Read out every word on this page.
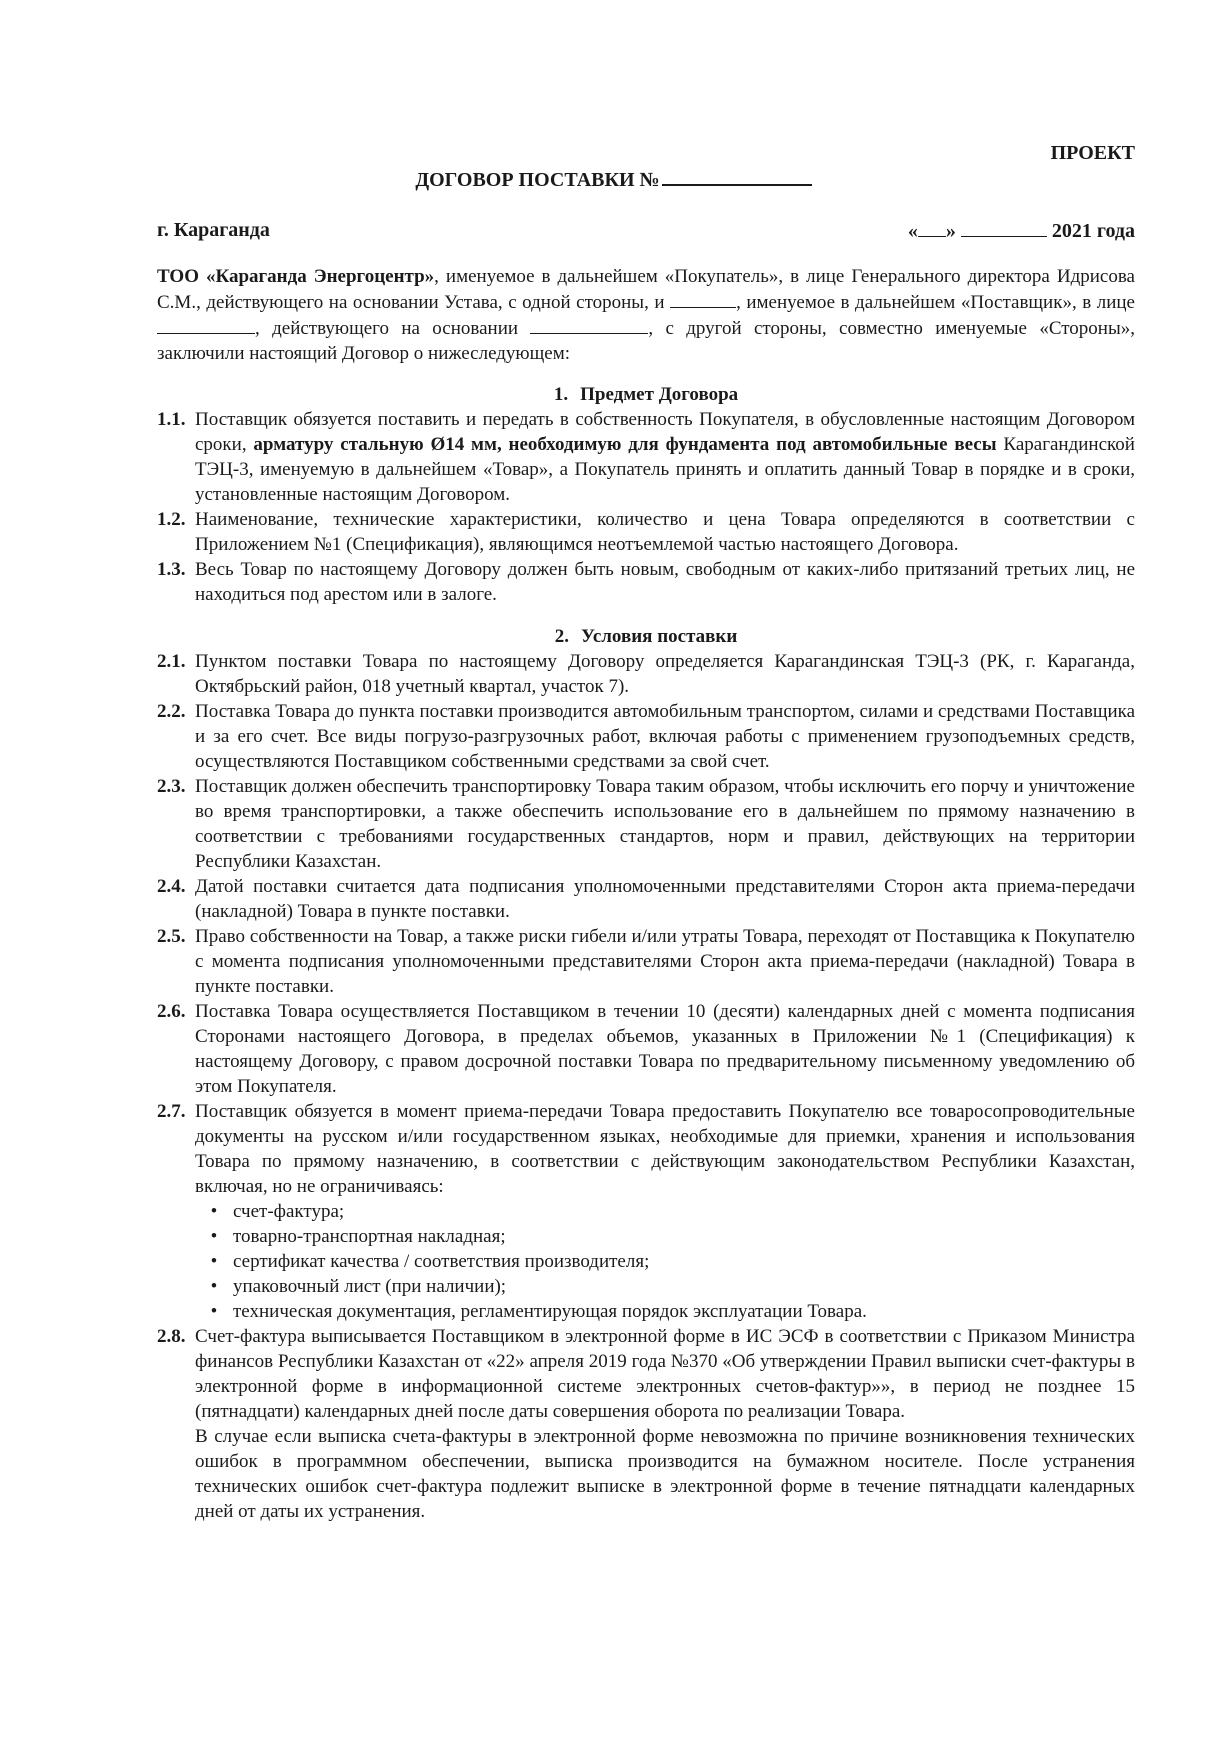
ПРОЕКТ
ДОГОВОР ПОСТАВКИ №
г. Караганда	« »	2021 года

ТОО «Караганда Энергоцентр», именуемое в дальнейшем «Покупатель», в лице Генерального директора Идрисова С.М., действующего на основании Устава, с одной стороны, и	, именуемое в дальнейшем «Поставщик», в лице , действующего на основании	, с другой стороны, совместно именуемые «Стороны», заключили настоящий Договор о нижеследующем:

1. Предмет Договора
1.1. Поставщик обязуется поставить и передать в собственность Покупателя, в обусловленные настоящим Договором сроки, арматуру стальную Ø14 мм, необходимую для фундамента под автомобильные весы Карагандинской ТЭЦ-3, именуемую в дальнейшем «Товар», а Покупатель принять и оплатить данный Товар в порядке и в сроки, установленные настоящим Договором.
1.2. Наименование, технические характеристики, количество и цена Товара определяются в соответствии с Приложением №1 (Спецификация), являющимся неотъемлемой частью настоящего Договора.
1.3. Весь Товар по настоящему Договору должен быть новым, свободным от каких-либо притязаний третьих лиц, не находиться под арестом или в залоге.
2. Условия поставки
2.1. Пунктом поставки Товара по настоящему Договору определяется Карагандинская ТЭЦ-3 (РК, г. Караганда, Октябрьский район, 018 учетный квартал, участок 7).
2.2. Поставка Товара до пункта поставки производится автомобильным транспортом, силами и средствами Поставщика и за его счет. Все виды погрузо-разгрузочных работ, включая работы с применением грузоподъемных средств, осуществляются Поставщиком собственными средствами за свой счет.
2.3. Поставщик должен обеспечить транспортировку Товара таким образом, чтобы исключить его порчу и уничтожение во время транспортировки, а также обеспечить использование его в дальнейшем по прямому назначению в соответствии с требованиями государственных стандартов, норм и правил, действующих на территории Республики Казахстан.
2.4. Датой поставки считается дата подписания уполномоченными представителями Сторон акта приема-передачи (накладной) Товара в пункте поставки.
2.5. Право собственности на Товар, а также риски гибели и/или утраты Товара, переходят от Поставщика к Покупателю с момента подписания уполномоченными представителями Сторон акта приема-передачи (накладной) Товара в пункте поставки.
2.6. Поставка Товара осуществляется Поставщиком в течении 10 (десяти) календарных дней с момента подписания Сторонами настоящего Договора, в пределах объемов, указанных в Приложении №1 (Спецификация) к настоящему Договору, с правом досрочной поставки Товара по предварительному письменному уведомлению об этом Покупателя.
2.7. Поставщик обязуется в момент приема-передачи Товара предоставить Покупателю все товаросопроводительные документы на русском и/или государственном языках, необходимые для приемки, хранения и использования Товара по прямому назначению, в соответствии с действующим законодательством Республики Казахстан, включая, но не ограничиваясь:
• счет-фактура;
• товарно-транспортная накладная;
• сертификат качества / соответствия производителя;
• упаковочный лист (при наличии);
• техническая документация, регламентирующая порядок эксплуатации Товара.
2.8. Счет-фактура выписывается Поставщиком в электронной форме в ИС ЭСФ в соответствии с Приказом Министра финансов Республики Казахстан от «22» апреля 2019 года №370 «Об утверждении Правил выписки счет-фактуры в электронной форме в информационной системе электронных счетов-фактур»», в период не позднее 15 (пятнадцати) календарных дней после даты совершения оборота по реализации Товара.

В случае если выписка счета-фактуры в электронной форме невозможна по причине возникновения технических ошибок в программном обеспечении, выписка производится на бумажном носителе. После устранения технических ошибок счет-фактура подлежит выписке в электронной форме в течение пятнадцати календарных дней от даты их устранения.
